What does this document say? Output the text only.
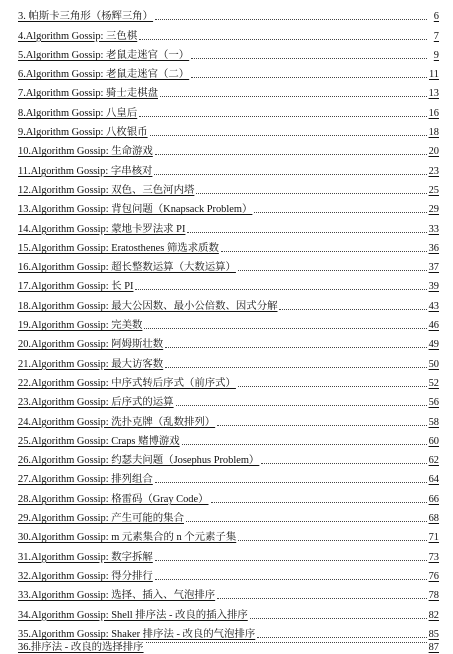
3. 帕斯卡三角形（杨辉三角）	6
4.Algorithm Gossip: 三色棋	7
5.Algorithm Gossip: 老鼠走迷官（一）	9
6.Algorithm Gossip: 老鼠走迷官（二）	11
7.Algorithm Gossip: 骑士走棋盘	13
8.Algorithm Gossip: 八皇后	16
9.Algorithm Gossip: 八枚银币	18
10.Algorithm Gossip: 生命游戏	20
11.Algorithm Gossip: 字串核对	23
12.Algorithm Gossip: 双色、三色河内塔	25
13.Algorithm Gossip: 背包问题（Knapsack Problem）	29
14.Algorithm Gossip: 蒙地卡罗法求 PI	33
15.Algorithm Gossip: Eratosthenes 筛选求质数	36
16.Algorithm Gossip: 超长整数运算（大数运算）	37
17.Algorithm Gossip: 长 PI	39
18.Algorithm Gossip: 最大公因数、最小公倍数、因式分解	43
19.Algorithm Gossip: 完美数	46
20.Algorithm Gossip: 阿姆斯壮数	49
21.Algorithm Gossip: 最大访客数	50
22.Algorithm Gossip: 中序式转后序式（前序式）	52
23.Algorithm Gossip: 后序式的运算	56
24.Algorithm Gossip: 洗扑克牌（乱数排列）	58
25.Algorithm Gossip: Craps 赌博游戏	60
26.Algorithm Gossip: 约瑟夫问题（Josephus Problem）	62
27.Algorithm Gossip: 排列组合	64
28.Algorithm Gossip: 格雷码（Gray Code）	66
29.Algorithm Gossip: 产生可能的集合	68
30.Algorithm Gossip: m 元素集合的 n 个元素子集	71
31.Algorithm Gossip: 数字拆解	73
32.Algorithm Gossip: 得分排行	76
33.Algorithm Gossip: 选择、插入、气泡排序	78
34.Algorithm Gossip: Shell 排序法 - 改良的插入排序	82
35.Algorithm Gossip: Shaker 排序法 - 改良的气泡排序	85
36.排序法 - 改良的选择排序	87
